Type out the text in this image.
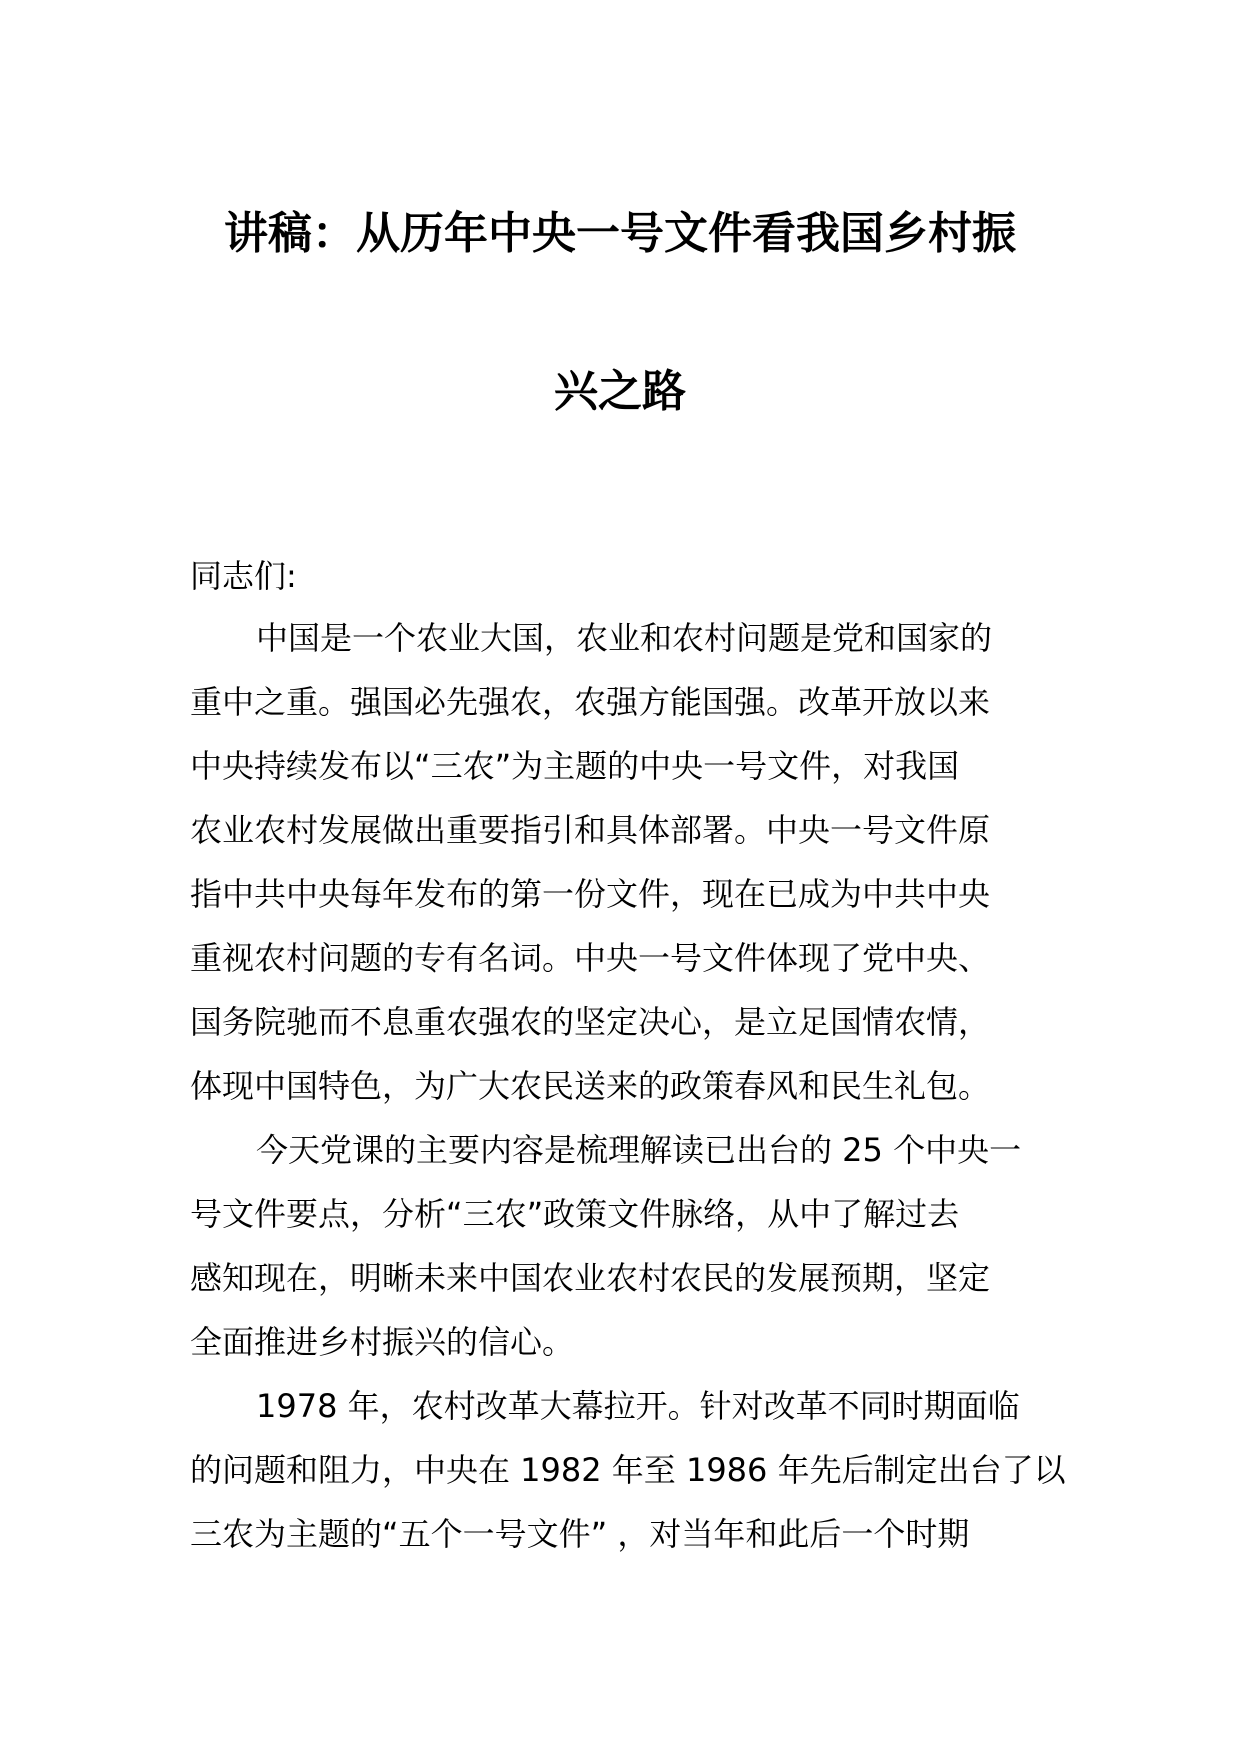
讲稿：从历年中央一号文件看我国乡村振
兴之路
同志们:
中国是一个农业大国，农业和农村问题是党和国家的
重中之重。强国必先强农，农强方能国强。改革开放以来
中央持续发布以“三农”为主题的中央一号文件，对我国
农业农村发展做出重要指引和具体部署。中央一号文件原
指中共中央每年发布的第一份文件，现在已成为中共中央
重视农村问题的专有名词。中央一号文件体现了党中央、
国务院驰而不息重农强农的坚定决心，是立足国情农情，
体现中国特色，为广大农民送来的政策春风和民生礼包。
今天党课的主要内容是梳理解读已出台的 25 个中央一
号文件要点，分析“三农”政策文件脉络，从中了解过去
感知现在，明晰未来中国农业农村农民的发展预期，坚定
全面推进乡村振兴的信心。
1978 年，农村改革大幕拉开。针对改革不同时期面临
的问题和阻力，中央在 1982 年至 1986 年先后制定出台了以
三农为主题的“五个一号文件” ，对当年和此后一个时期
